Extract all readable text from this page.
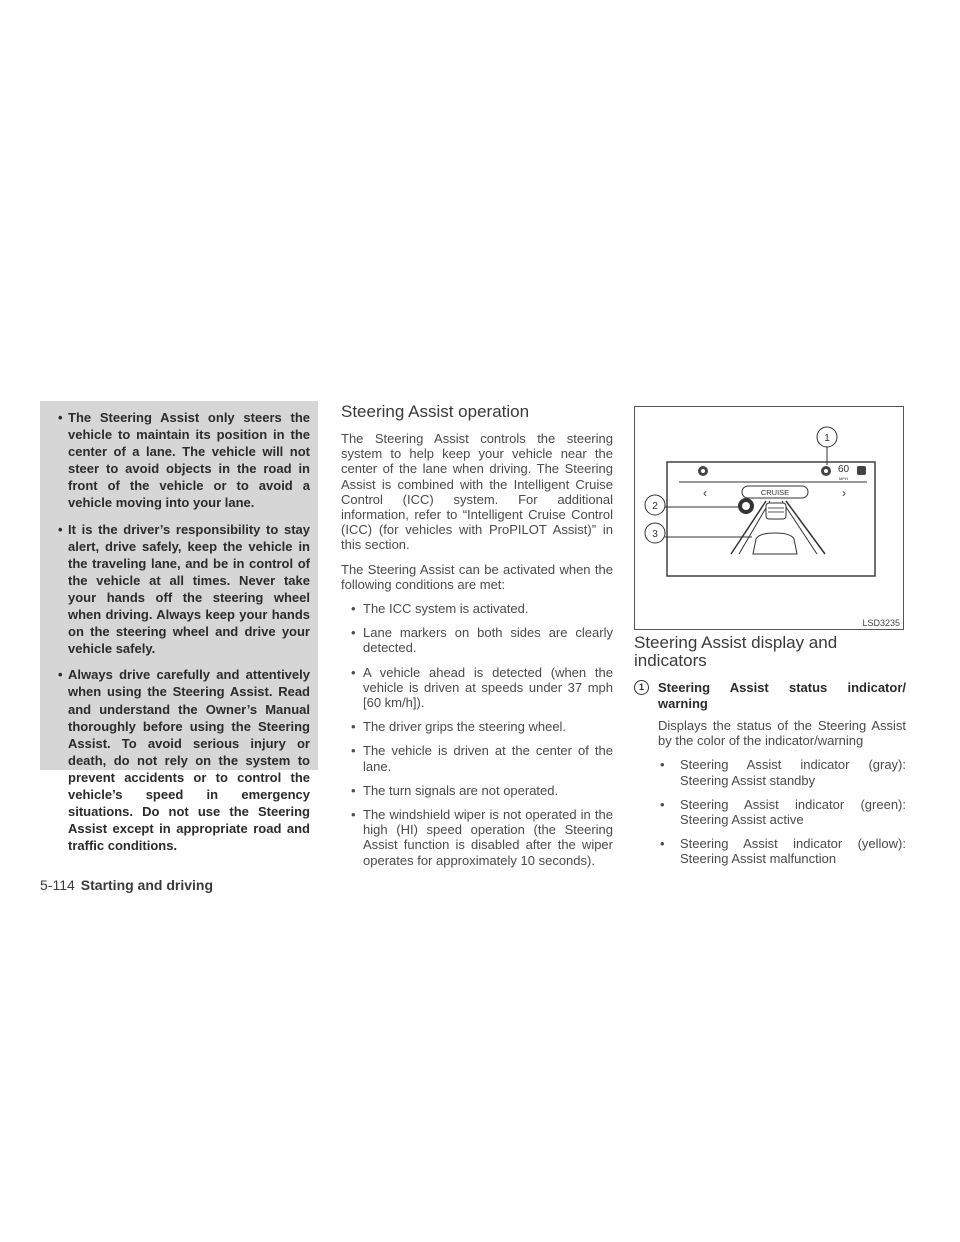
• The Steering Assist only steers the vehicle to maintain its position in the center of a lane. The vehicle will not steer to avoid objects in the road in front of the vehicle or to avoid a vehicle moving into your lane.
• It is the driver’s responsibility to stay alert, drive safely, keep the vehicle in the traveling lane, and be in control of the vehicle at all times. Never take your hands off the steering wheel when driving. Always keep your hands on the steering wheel and drive your vehicle safely.
• Always drive carefully and attentively when using the Steering Assist. Read and understand the Owner’s Manual thoroughly before using the Steering Assist. To avoid serious injury or death, do not rely on the system to prevent accidents or to control the vehicle’s speed in emergency situations. Do not use the Steering Assist except in appropriate road and traffic conditions.
Steering Assist operation
The Steering Assist controls the steering system to help keep your vehicle near the center of the lane when driving. The Steering Assist is combined with the Intelligent Cruise Control (ICC) system. For additional information, refer to “Intelligent Cruise Control (ICC) (for vehicles with ProPILOT Assist)” in this section.
The Steering Assist can be activated when the following conditions are met:
• The ICC system is activated.
• Lane markers on both sides are clearly detected.
• A vehicle ahead is detected (when the vehicle is driven at speeds under 37 mph [60 km/h]).
• The driver grips the steering wheel.
• The vehicle is driven at the center of the lane.
• The turn signals are not operated.
• The windshield wiper is not operated in the high (HI) speed operation (the Steering Assist function is disabled after the wiper operates for approximately 10 seconds).
60
MPH
‹	›
CRUISE
1
2
3
LSD3235
Steering Assist display and indicators
1	Steering Assist status indicator/ warning
Displays the status of the Steering Assist by the color of the indicator/warning
• Steering Assist indicator (gray): Steering Assist standby
• Steering Assist indicator (green): Steering Assist active
• Steering Assist indicator (yellow): Steering Assist malfunction
5-114 Starting and driving
